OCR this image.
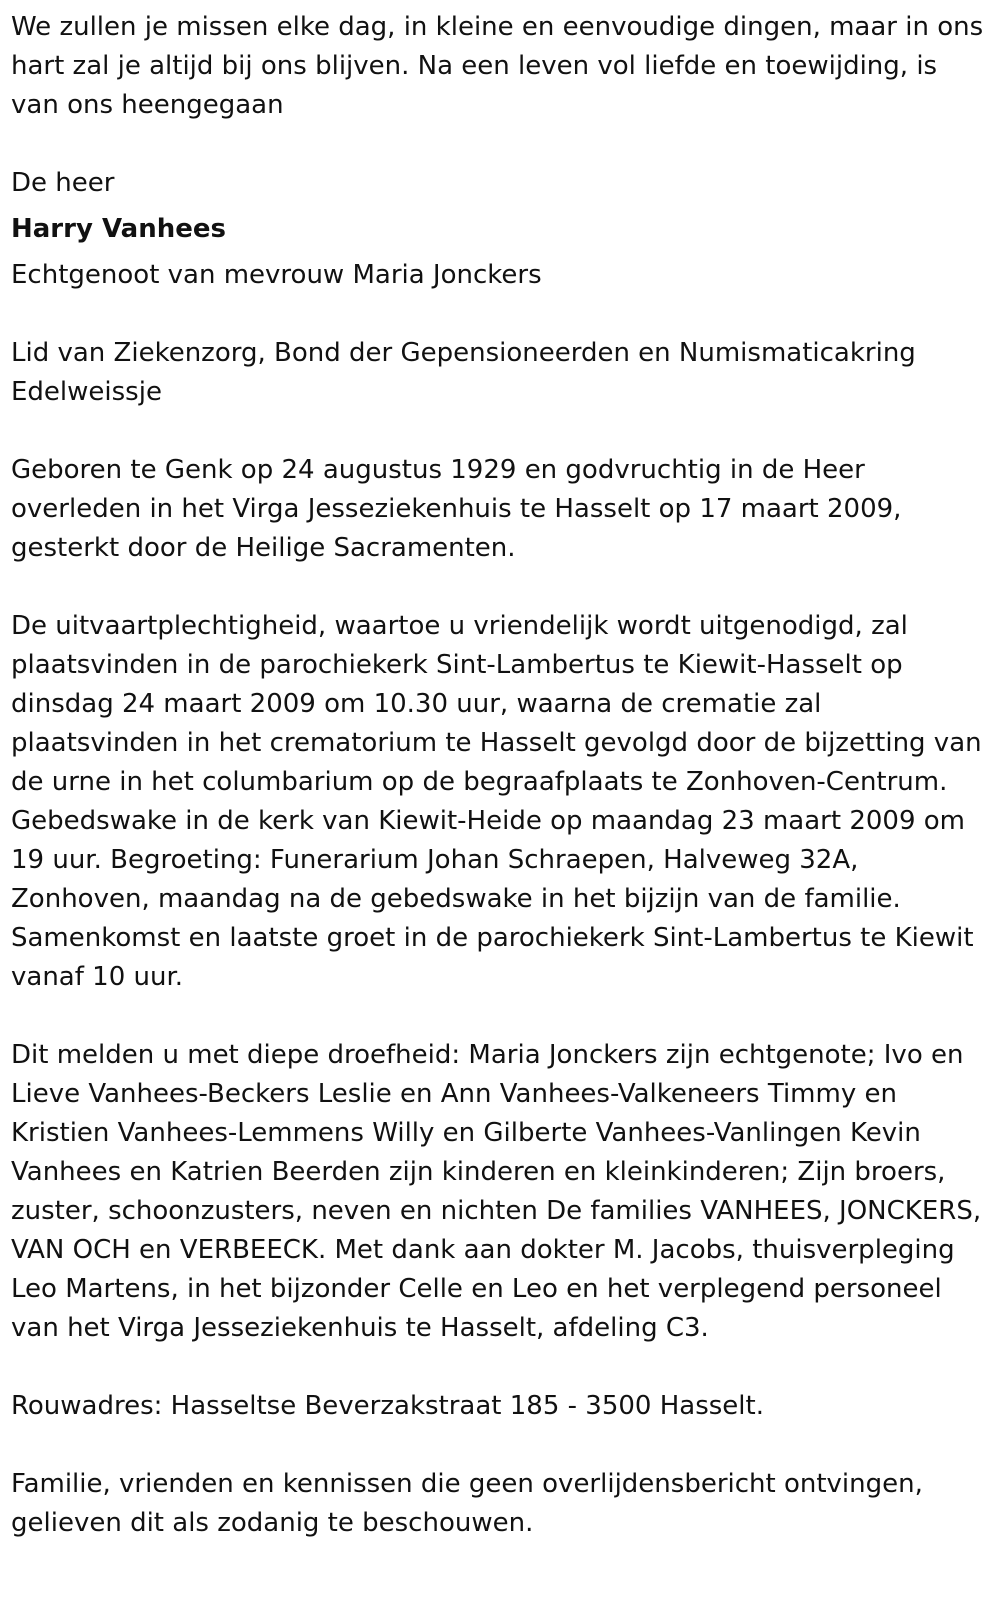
We zullen je missen elke dag, in kleine en eenvoudige dingen, maar in ons hart zal je altijd bij ons blijven. Na een leven vol liefde en toewijding, is van ons heengegaan

De heer

Harry Vanhees

Echtgenoot van mevrouw Maria Jonckers

Lid van Ziekenzorg, Bond der Gepensioneerden en Numismaticakring Edelweissje

Geboren te Genk op 24 augustus 1929 en godvruchtig in de Heer overleden in het Virga Jesseziekenhuis te Hasselt op 17 maart 2009, gesterkt door de Heilige Sacramenten.

De uitvaartplechtigheid, waartoe u vriendelijk wordt uitgenodigd, zal plaatsvinden in de parochiekerk Sint-Lambertus te Kiewit-Hasselt op dinsdag 24 maart 2009 om 10.30 uur, waarna de crematie zal plaatsvinden in het crematorium te Hasselt gevolgd door de bijzetting van de urne in het columbarium op de begraafplaats te Zonhoven-Centrum. Gebedswake in de kerk van Kiewit-Heide op maandag 23 maart 2009 om 19 uur. Begroeting: Funerarium Johan Schraepen, Halveweg 32A, Zonhoven, maandag na de gebedswake in het bijzijn van de familie. Samenkomst en laatste groet in de parochiekerk Sint-Lambertus te Kiewit vanaf 10 uur.

Dit melden u met diepe droefheid: Maria Jonckers zijn echtgenote; Ivo en Lieve Vanhees-Beckers Leslie en Ann Vanhees-Valkeneers Timmy en Kristien Vanhees-Lemmens Willy en Gilberte Vanhees-Vanlingen Kevin Vanhees en Katrien Beerden zijn kinderen en kleinkinderen; Zijn broers, zuster, schoonzusters, neven en nichten De families VANHEES, JONCKERS, VAN OCH en VERBEECK. Met dank aan dokter M. Jacobs, thuisverpleging Leo Martens, in het bijzonder Celle en Leo en het verplegend personeel van het Virga Jesseziekenhuis te Hasselt, afdeling C3.

Rouwadres: Hasseltse Beverzakstraat 185 - 3500 Hasselt.

Familie, vrienden en kennissen die geen overlijdensbericht ontvingen, gelieven dit als zodanig te beschouwen.
